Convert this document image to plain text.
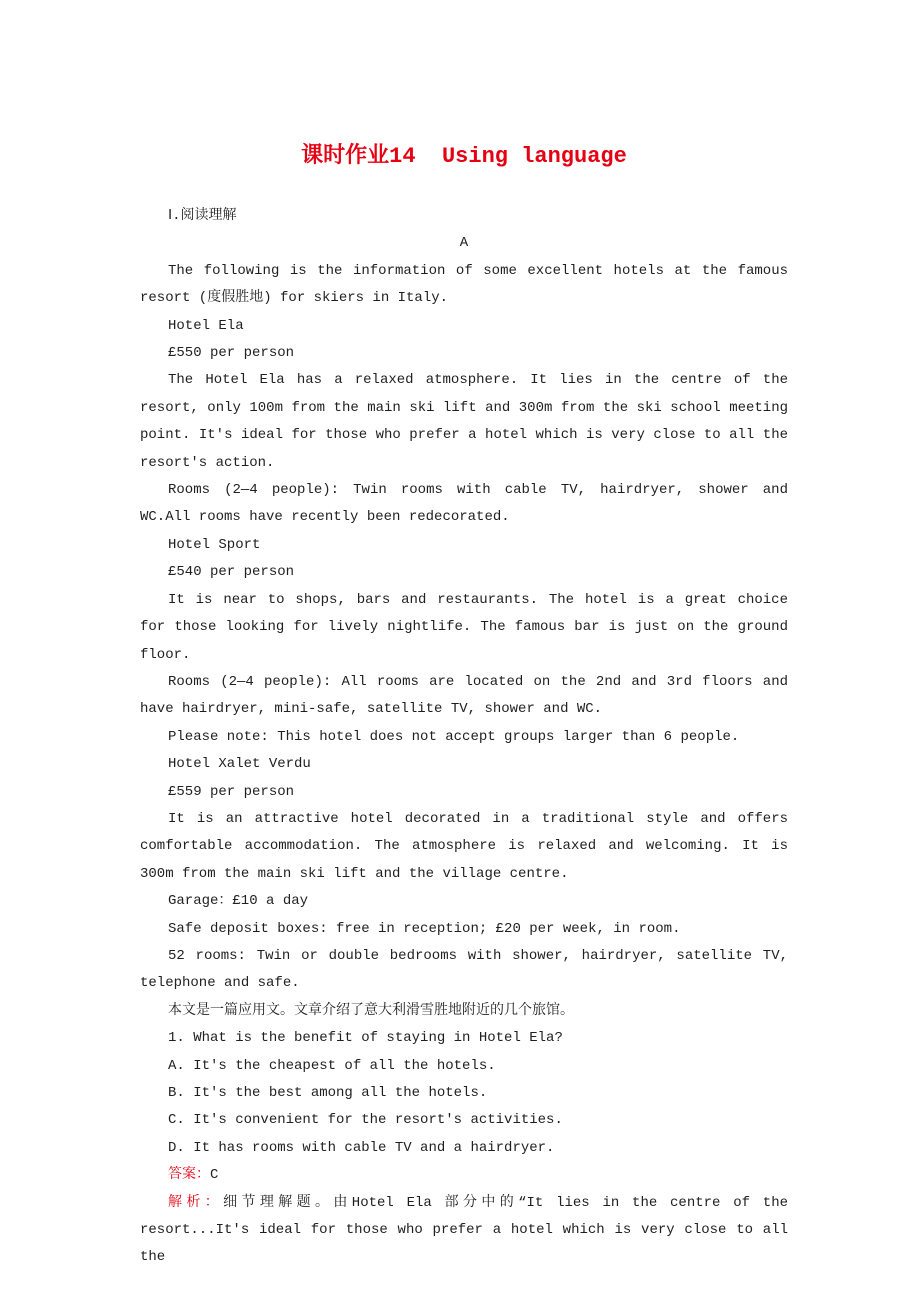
课时作业14  Using language
Ⅰ.阅读理解
A
The following is the information of some excellent hotels at the famous resort (度假胜地) for skiers in Italy.
Hotel Ela
£550 per person
The Hotel Ela has a relaxed atmosphere. It lies in the centre of the resort, only 100m from the main ski lift and 300m from the ski school meeting point. It's ideal for those who prefer a hotel which is very close to all the resort's action.
Rooms (2—4 people): Twin rooms with cable TV, hairdryer, shower and WC.All rooms have recently been redecorated.
Hotel Sport
£540 per person
It is near to shops, bars and restaurants. The hotel is a great choice for those looking for lively nightlife. The famous bar is just on the ground floor.
Rooms (2—4 people): All rooms are located on the 2nd and 3rd floors and have hairdryer, mini-safe, satellite TV, shower and WC.
Please note: This hotel does not accept groups larger than 6 people.
Hotel Xalet Verdu
£559 per person
It is an attractive hotel decorated in a traditional style and offers comfortable accommodation. The atmosphere is relaxed and welcoming. It is 300m from the main ski lift and the village centre.
Garage：£10 a day
Safe deposit boxes: free in reception; £20 per week, in room.
52 rooms: Twin or double bedrooms with shower, hairdryer, satellite TV, telephone and safe.
本文是一篇应用文。文章介绍了意大利滑雪胜地附近的几个旅馆。
1. What is the benefit of staying in Hotel Ela?
A. It's the cheapest of all the hotels.
B. It's the best among all the hotels.
C. It's convenient for the resort's activities.
D. It has rooms with cable TV and a hairdryer.
答案：C
解析：细节理解题。由Hotel Ela 部分中的“It lies in the centre of the resort...It's ideal for those who prefer a hotel which is very close to all the
